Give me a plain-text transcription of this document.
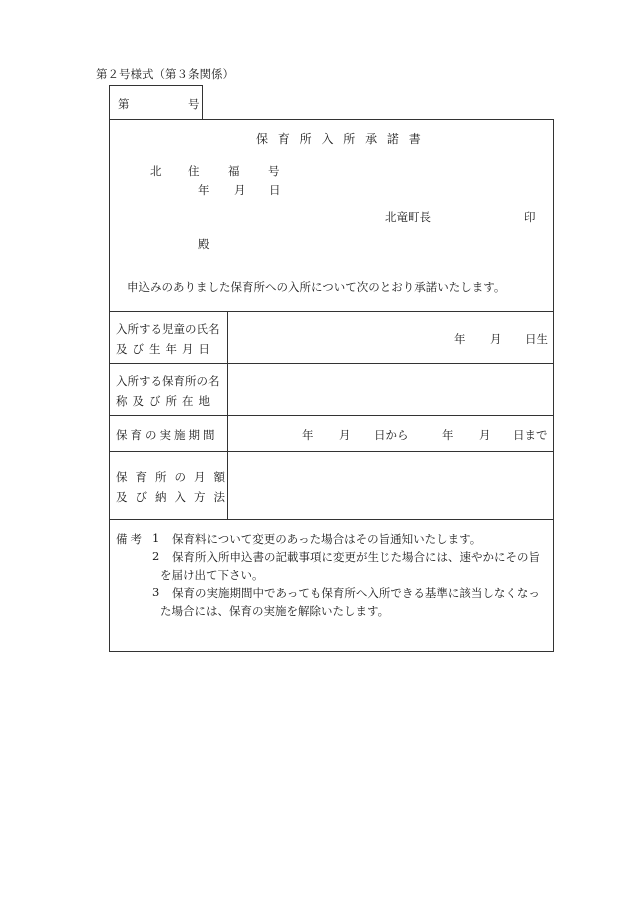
第２号様式（第３条関係）
第	号
保 育 所 入 所 承 諾 書
北 住 福 号
年 月 日
北竜町長	印
殿
申込みのありました保育所への入所について次のとおり承諾いたします。
入所する児童の氏名
及び生年月日
年 月 日生
入所する保育所の名
称及び所在地
保育の実施期間	年 月 日から	年 月 日まで
保育所の月額
及び納入方法
備考 1 保育料について変更のあった場合はその旨通知いたします。
2 保育所入所申込書の記載事項に変更が生じた場合には、速やかにその旨
を届け出て下さい。
3 保育の実施期間中であっても保育所へ入所できる基準に該当しなくなっ
た場合には、保育の実施を解除いたします。
